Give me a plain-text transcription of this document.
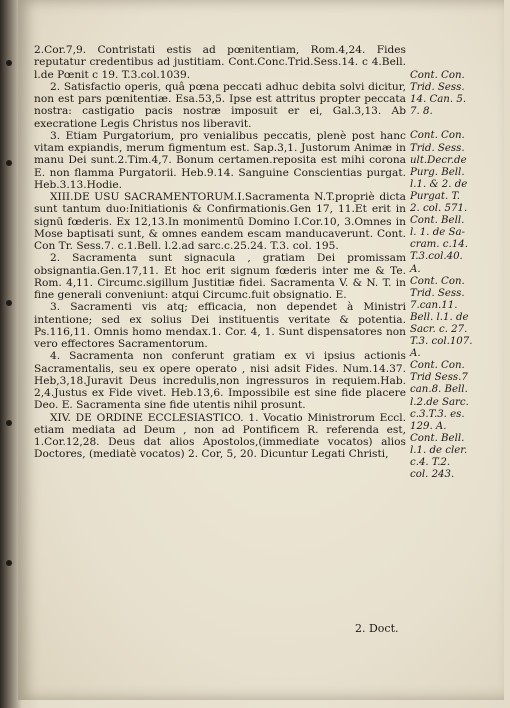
2.Cor.7,9. Contristati estis ad pœnitentiam, Rom.4,24. Fides reputatur credentibus ad justitiam. Cont.Conc.Trid.Sess.14. c 4.Bell. l.de Pœnit c 19. T.3.col.1039.

2. Satisfactio operis, quâ pœna peccati adhuc debita solvi dicitur, non est pars pœnitentiæ. Esa.53,5. Ipse est attritus propter peccata nostra: castigatio pacis nostræ imposuit er ei, Gal.3,13. Ab execratione Legis Christus nos liberavit.

3. Etiam Purgatorium, pro venialibus peccatis, plenè post hanc vitam expiandis, merum figmentum est. Sap.3,1. Justorum Animæ in manu Dei sunt.2.Tim.4,7. Bonum certamen.reposita est mihi corona E. non flamma Purgatorii. Heb.9.14. Sanguine Conscientias purgat. Heb.3.13.Hodie.

XIII.DE USU SACRAMENTORUM.I.Sacramenta N.T.propriè dicta sunt tantum duo:Initiationis & Confirmationis.Gen 17, 11.Et erit in signū fœderis. Ex 12,13.In monimentū Domino I.Cor.10, 3.Omnes in Mose baptisati sunt, & omnes eandem escam manducaverunt. Cont. Con Tr. Sess.7. c.1.Bell. l.2.ad sarc.c.25.24. T.3. col. 195.

2. Sacramenta sunt signacula , gratiam Dei promissam obsignantia.Gen.17,11. Et hoc erit signum fœderis inter me & Te. Rom. 4,11. Circumc.sigillum Justitiæ fidei. Sacramenta V. & N. T. in fine generali conveniunt: atqui Circumc.fuit obsignatio. E.

3. Sacramenti vis atq; efficacia, non dependet à Ministri intentione; sed ex solius Dei instituentis veritate & potentia. Ps.116,11. Omnis homo mendax.1. Cor. 4, 1. Sunt dispensatores non vero effectores Sacramentorum.

4. Sacramenta non conferunt gratiam ex vi ipsius actionis Sacramentalis, seu ex opere operato , nisi adsit Fides. Num.14.37. Heb,3,18.Juravit Deus incredulis,non ingressuros in requiem.Hab. 2,4.Justus ex Fide vivet. Heb.13,6. Impossibile est sine fide placere Deo. E. Sacramenta sine fide utentis nihil prosunt.

XIV. DE ORDINE ECCLESIASTICO. 1. Vocatio Ministrorum Eccl. etiam mediata ad Deum , non ad Pontificem R. referenda est, 1.Cor.12,28. Deus dat alios Apostolos,(immediate vocatos) alios Doctores, (mediatè vocatos) 2. Cor, 5, 20. Dicuntur Legati Christi,

Cont. Con.

Trid. Sess.

14. Can. 5.

7. 8.

Cont. Con.

Trid. Sess.

ult.Decr.de

Purg. Bell.

l.1. & 2. de

Purgat. T.

2. col. 571.

Cont. Bell.

l. 1. de Sa-

cram. c.14.

T.3.col.40.

A.

Cont. Con.

Trid. Sess.

7.can.11.

Bell. l.1. de

Sacr. c. 27.

T.3. col.107.

A.

Cont. Con.

Trid Sess.7

can.8. Bell.

l.2.de Sarc.

c.3.T.3. es.

129. A.

Cont. Bell.

l.1. de cler.

c.4. T.2.

col. 243.

2. Doct.
